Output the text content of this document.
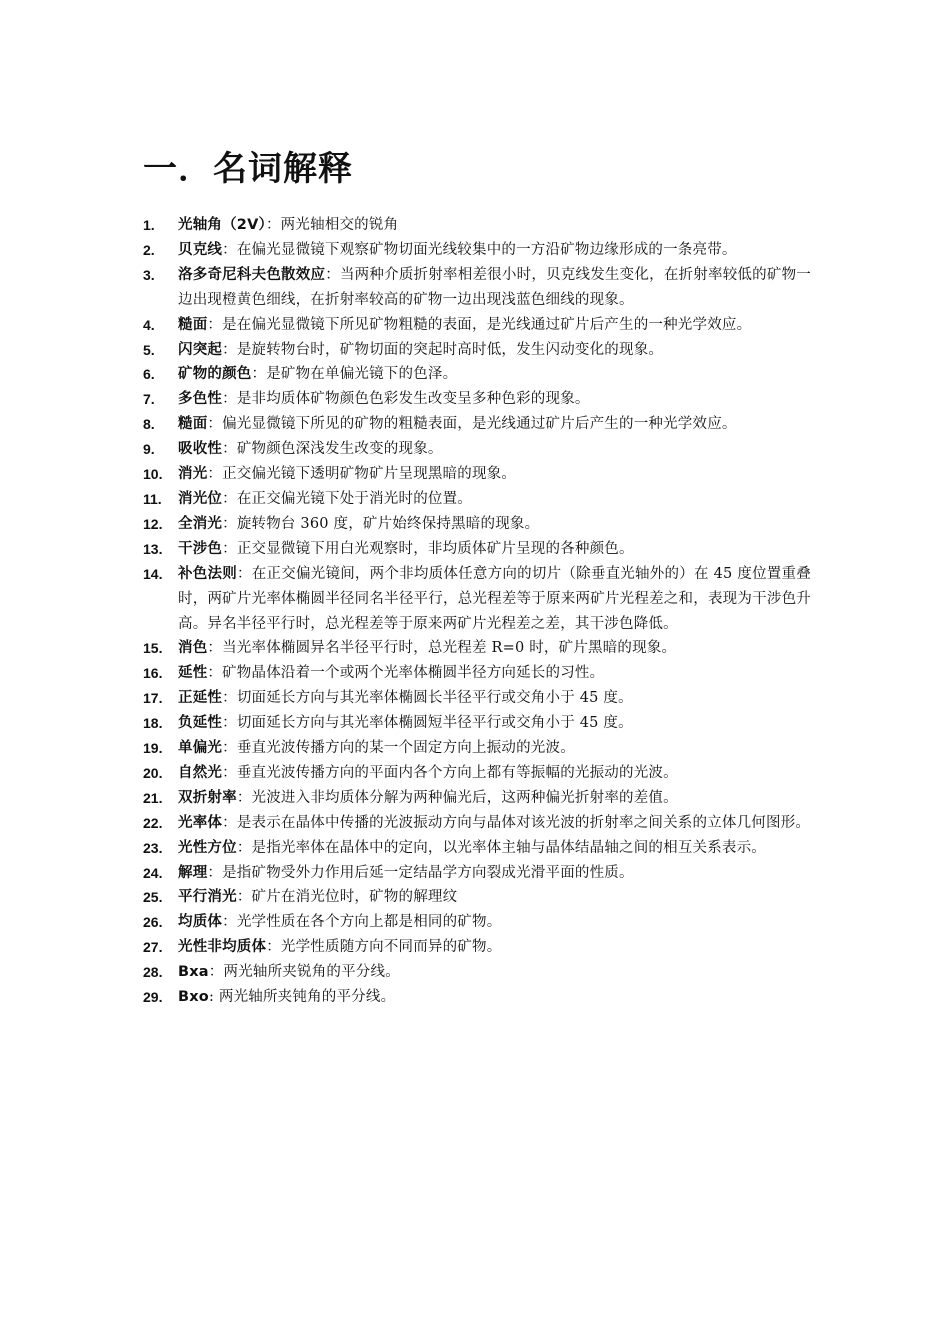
一．名词解释
1.	光轴角（2V）：两光轴相交的锐角
2.	贝克线：在偏光显微镜下观察矿物切面光线较集中的一方沿矿物边缘形成的一条亮带。
3.	洛多奇尼科夫色散效应：当两种介质折射率相差很小时，贝克线发生变化，在折射率较低的矿物一边出现橙黄色细线，在折射率较高的矿物一边出现浅蓝色细线的现象。
4.	糙面：是在偏光显微镜下所见矿物粗糙的表面，是光线通过矿片后产生的一种光学效应。
5.	闪突起：是旋转物台时，矿物切面的突起时高时低，发生闪动变化的现象。
6.	矿物的颜色：是矿物在单偏光镜下的色泽。
7.	多色性：是非均质体矿物颜色色彩发生改变呈多种色彩的现象。
8.	糙面：偏光显微镜下所见的矿物的粗糙表面，是光线通过矿片后产生的一种光学效应。
9.	吸收性：矿物颜色深浅发生改变的现象。
10.	消光：正交偏光镜下透明矿物矿片呈现黑暗的现象。
11.	消光位：在正交偏光镜下处于消光时的位置。
12.	全消光：旋转物台 360 度，矿片始终保持黑暗的现象。
13.	干涉色：正交显微镜下用白光观察时，非均质体矿片呈现的各种颜色。
14.	补色法则：在正交偏光镜间，两个非均质体任意方向的切片（除垂直光轴外的）在 45 度位置重叠时，两矿片光率体椭圆半径同名半径平行，总光程差等于原来两矿片光程差之和，表现为干涉色升高。异名半径平行时，总光程差等于原来两矿片光程差之差，其干涉色降低。
15.	消色：当光率体椭圆异名半径平行时，总光程差 R=0 时，矿片黑暗的现象。
16.	延性：矿物晶体沿着一个或两个光率体椭圆半径方向延长的习性。
17.	正延性：切面延长方向与其光率体椭圆长半径平行或交角小于 45 度。
18.	负延性：切面延长方向与其光率体椭圆短半径平行或交角小于 45 度。
19.	单偏光：垂直光波传播方向的某一个固定方向上振动的光波。
20.	自然光：垂直光波传播方向的平面内各个方向上都有等振幅的光振动的光波。
21.	双折射率：光波进入非均质体分解为两种偏光后，这两种偏光折射率的差值。
22.	光率体：是表示在晶体中传播的光波振动方向与晶体对该光波的折射率之间关系的立体几何图形。
23.	光性方位：是指光率体在晶体中的定向，以光率体主轴与晶体结晶轴之间的相互关系表示。
24.	解理：是指矿物受外力作用后延一定结晶学方向裂成光滑平面的性质。
25.	平行消光：矿片在消光位时，矿物的解理纹
26.	均质体：光学性质在各个方向上都是相同的矿物。
27.	光性非均质体：光学性质随方向不同而异的矿物。
28.	Bxa：两光轴所夹锐角的平分线。
29.	Bxo: 两光轴所夹钝角的平分线。
